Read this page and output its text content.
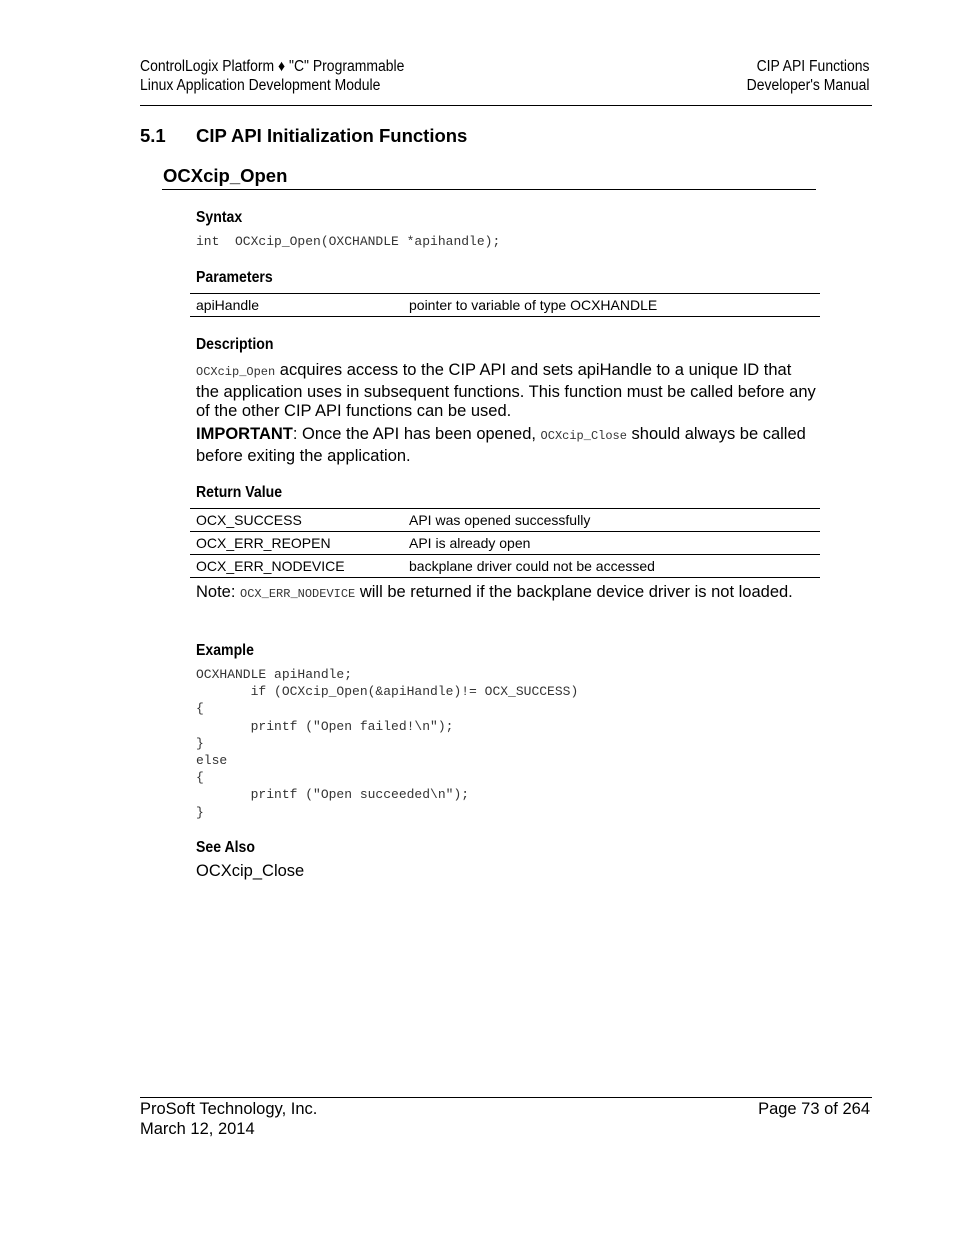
ControlLogix Platform ♦ "C" Programmable
Linux Application Development Module
CIP API Functions
Developer's Manual
5.1 CIP API Initialization Functions
OCXcip_Open
Syntax
int  OCXcip_Open(OXCHANDLE *apihandle);
Parameters
apiHandle	pointer to variable of type OCXHANDLE
Description
OCXcip_Open acquires access to the CIP API and sets apiHandle to a unique ID that the application uses in subsequent functions. This function must be called before any of the other CIP API functions can be used.
IMPORTANT: Once the API has been opened, OCXcip_Close should always be called before exiting the application.
Return Value
OCX_SUCCESS	API was opened successfully
OCX_ERR_REOPEN	API is already open
OCX_ERR_NODEVICE	backplane driver could not be accessed
Note: OCX_ERR_NODEVICE will be returned if the backplane device driver is not loaded.
Example
OCXHANDLE apiHandle;
if (OCXcip_Open(&apiHandle)!= OCX_SUCCESS)
{
printf ("Open failed!\n");
}
else
{
printf ("Open succeeded\n");
}
See Also
OCXcip_Close
ProSoft Technology, Inc.
March 12, 2014
Page 73 of 264
